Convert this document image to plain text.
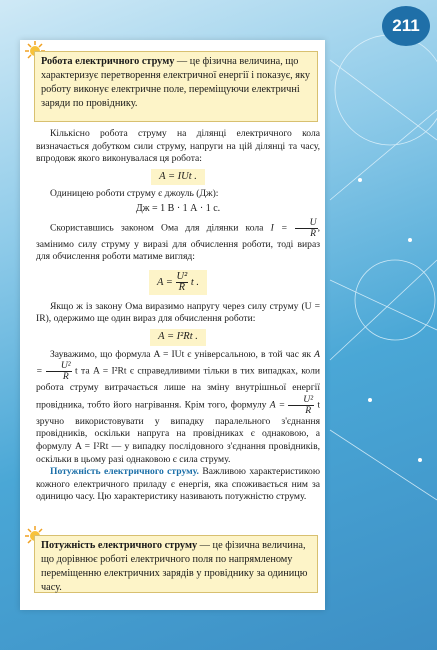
211
Робота електричного струму — це фізична величина, що характеризує перетворення електричної енергії і показує, яку роботу виконує електричне поле, переміщуючи електричні заряди по провіднику.

Кількісно робота струму на ділянці електричного кола визначається добутком сили струму, напруги на цій ділянці та часу, впродовж якого виконувалася ця робота:

A = IUt .

Одиницею роботи струму є джоуль (Дж):

Дж = 1 В · 1 А · 1 с.

Скориставшись законом Ома для ділянки кола $I = \frac{U}{R}$ , замінимо силу струму у виразі для обчислення роботи, тоді вираз для обчислення роботи матиме вигляд:

$A = \frac{\text{U²}}{R}$ t .

Якщо ж із закону Ома виразимо напругу через силу струму (U = IR), одержимо ще один вираз для обчислення роботи:

A = I²Rt .

Зауважимо, що формула A = IUt є універсальною, в той час як $A = \frac{\text{U²}}{R}$ t та A = I²Rt є справедливими тільки в тих випадках, коли робота струму витрачається лише на зміну внутрішньої енергії провідника, тобто його нагрівання. Крім того, формулу $A = \frac{\text{U²}}{R}$ t зручно використовувати у випадку паралельного з'єднання провідників, оскільки напруга на провідниках є однаковою, а формулу A = I²Rt — у випадку послідовного з'єднання провідників, оскільки в цьому разі однаковою є сила струму.

Потужність електричного струму. Важливою характеристикою кожного електричного приладу є енергія, яка споживається ним за одиницю часу. Цю характеристику називають потужністю струму.

Потужність електричного струму — це фізична величина, що дорівнює роботі електричного поля по напрямленому переміщенню електричних зарядів у провіднику за одиницю часу.
